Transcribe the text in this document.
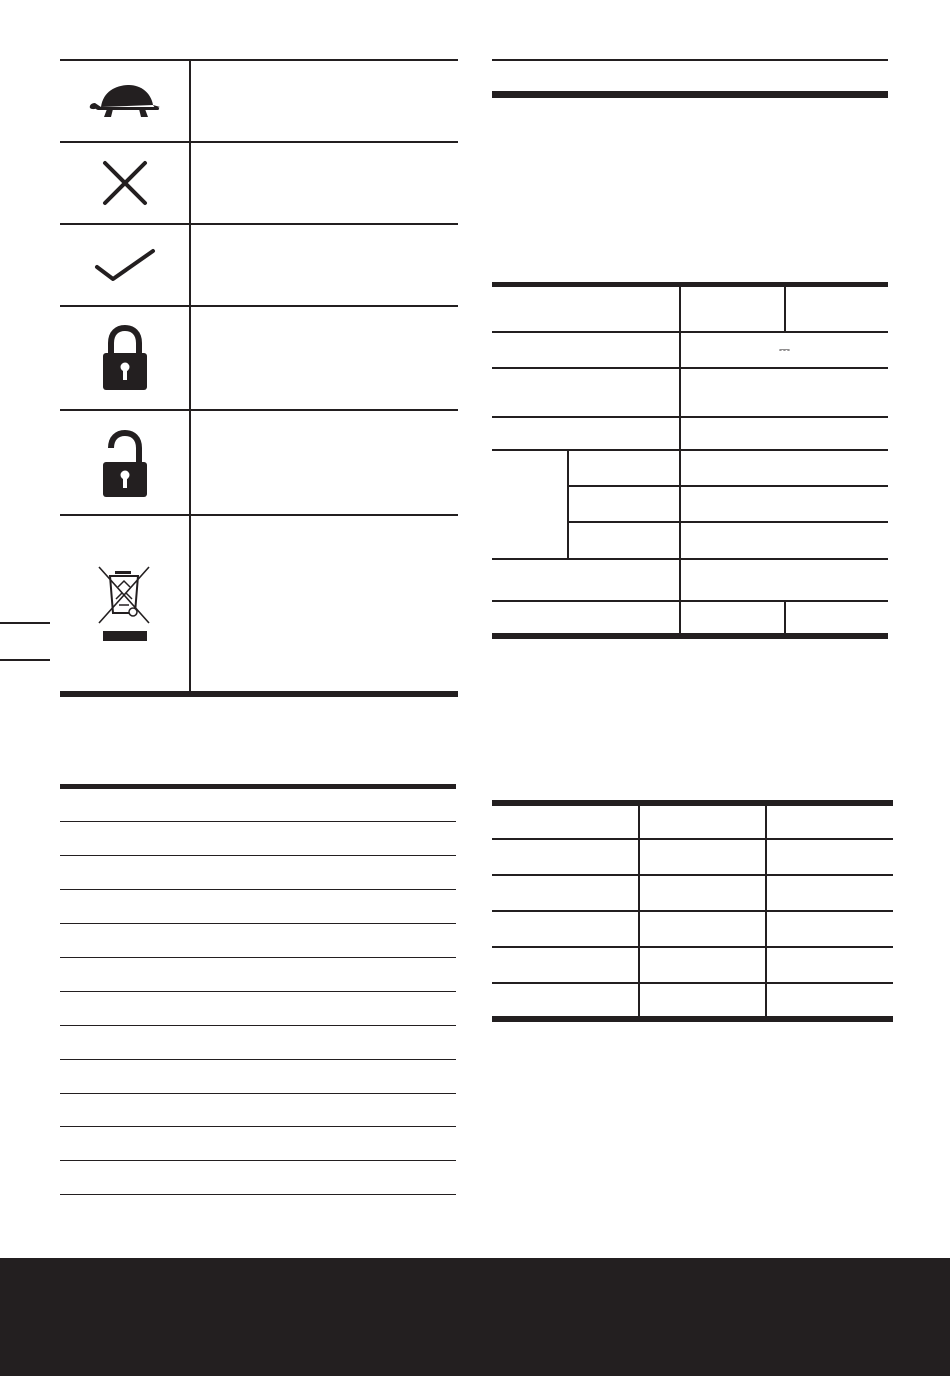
⎓
